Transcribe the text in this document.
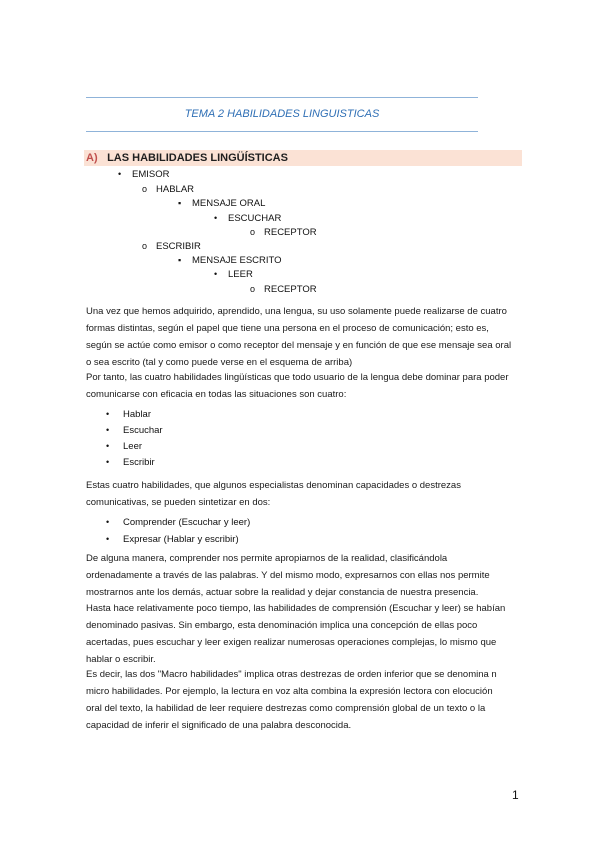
TEMA 2 HABILIDADES LINGUISTICAS
A) LAS HABILIDADES LINGÜÍSTICAS
• EMISOR
o HABLAR
▪ MENSAJE ORAL
• ESCUCHAR
o RECEPTOR
o ESCRIBIR
▪ MENSAJE ESCRITO
• LEER
o RECEPTOR
Una vez que hemos adquirido, aprendido, una lengua, su uso solamente puede realizarse de cuatro
formas distintas, según el papel que tiene una persona en el proceso de comunicación; esto es,
según se actúe como emisor o como receptor del mensaje y en función de que ese mensaje sea oral
o sea escrito (tal y como puede verse en el esquema de arriba)
Por tanto, las cuatro habilidades lingüísticas que todo usuario de la lengua debe dominar para poder
comunicarse con eficacia en todas las situaciones son cuatro:
• Hablar
• Escuchar
• Leer
• Escribir
Estas cuatro habilidades, que algunos especialistas denominan capacidades o destrezas
comunicativas, se pueden sintetizar en dos:
• Comprender (Escuchar y leer)
• Expresar (Hablar y escribir)
De alguna manera, comprender nos permite apropiarnos de la realidad, clasificándola
ordenadamente a través de las palabras. Y del mismo modo, expresarnos con ellas nos permite
mostrarnos ante los demás, actuar sobre la realidad y dejar constancia de nuestra presencia.
Hasta hace relativamente poco tiempo, las habilidades de comprensión (Escuchar y leer) se habían
denominado pasivas. Sin embargo, esta denominación implica una concepción de ellas poco
acertadas, pues escuchar y leer exigen realizar numerosas operaciones complejas, lo mismo que
hablar o escribir.
Es decir, las dos "Macro habilidades" implica otras destrezas de orden inferior que se denomina n
micro habilidades. Por ejemplo, la lectura en voz alta combina la expresión lectora con elocución
oral del texto, la habilidad de leer requiere destrezas como comprensión global de un texto o la
capacidad de inferir el significado de una palabra desconocida.
1
